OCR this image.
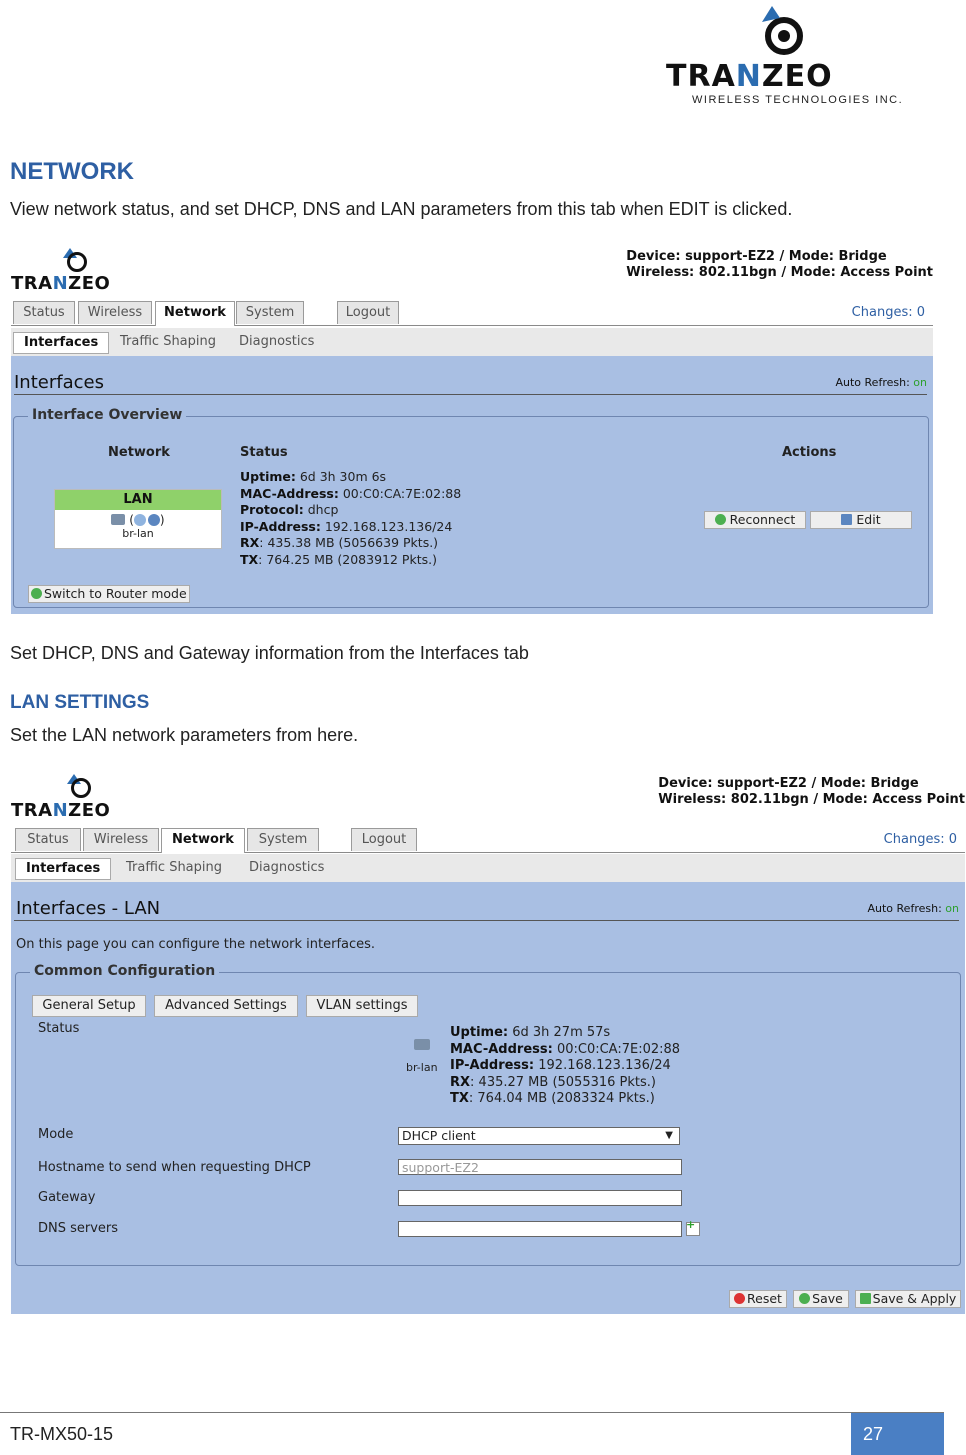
TRANZEO
WIRELESS TECHNOLOGIES INC.
NETWORK
View network status, and set DHCP, DNS and LAN parameters from this tab when EDIT is clicked.
TRANZEO
Device: support-EZ2 / Mode: Bridge
Wireless: 802.11bgn / Mode: Access Point
Status	Wireless	Network	System	Logout	Changes: 0
Interfaces	Traffic Shaping Diagnostics
Interfaces	Auto Refresh: on
Interface Overview
Network	Status	Actions
LAN
( )
br-lan
Uptime: 6d 3h 30m 6s
MAC-Address: 00:C0:CA:7E:02:88
Protocol: dhcp
IP-Address: 192.168.123.136/24
RX: 435.38 MB (5056639 Pkts.)
TX: 764.25 MB (2083912 Pkts.)
Reconnect	Edit
Switch to Router mode
Set DHCP, DNS and Gateway information from the Interfaces tab
LAN SETTINGS
Set the LAN network parameters from here.
TRANZEO
Device: support-EZ2 / Mode: Bridge
Wireless: 802.11bgn / Mode: Access Point
Status	Wireless	Network	System	Logout	Changes: 0
Interfaces	Traffic Shaping Diagnostics
Interfaces - LAN	Auto Refresh: on
On this page you can configure the network interfaces.
Common Configuration
General Setup	Advanced Settings	VLAN settings
Status
br-lan
Uptime: 6d 3h 27m 57s
MAC-Address: 00:C0:CA:7E:02:88
IP-Address: 192.168.123.136/24
RX: 435.27 MB (5055316 Pkts.)
TX: 764.04 MB (2083324 Pkts.)
Mode	DHCP client	▼
Hostname to send when requesting DHCP	support-EZ2
Gateway
DNS servers	+
Reset	Save	Save & Apply
TR-MX50-15	27
